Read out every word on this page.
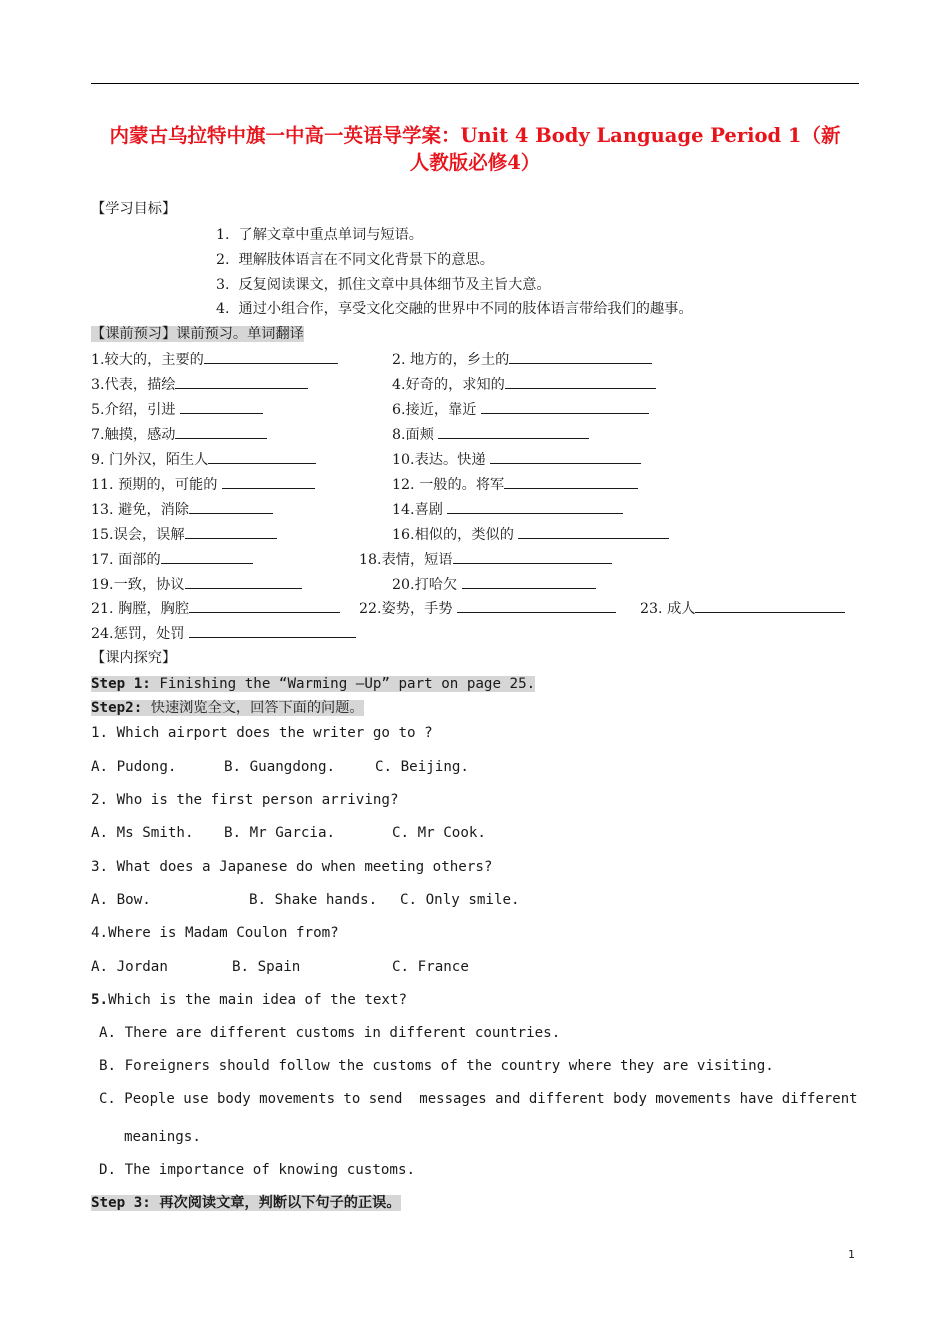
内蒙古乌拉特中旗一中高一英语导学案：Unit 4 Body Language Period 1（新
人教版必修4）
【学习目标】
1.  了解文章中重点单词与短语。
2.  理解肢体语言在不同文化背景下的意思。
3.  反复阅读课文，抓住文章中具体细节及主旨大意。
4.  通过小组合作，享受文化交融的世界中不同的肢体语言带给我们的趣事。
【课前预习】课前预习。单词翻译
1.较大的，主要的	2. 地方的，乡土的
3.代表，描绘	4.好奇的，求知的
5.介绍，引进	6.接近，靠近
7.触摸，感动	8.面颊
9. 门外汉，陌生人	10.表达。快递
11. 预期的，可能的	12. 一般的。将军
13. 避免，消除	14.喜剧
15.误会，误解	16.相似的，类似的
17. 面部的	18.表情，短语
19.一致，协议	20.打哈欠
21. 胸膛，胸腔	22.姿势，手势	23. 成人
24.惩罚，处罚
【课内探究】
Step 1: Finishing the “Warming –Up” part on page 25.
Step2: 快速浏览全文，回答下面的问题。
1. Which airport does the writer go to ?
A. Pudong.	B. Guangdong.	C. Beijing.
2. Who is the first person arriving?
A. Ms Smith. B. Mr Garcia.	C. Mr Cook.
3. What does a Japanese do when meeting others?
A. Bow.	B. Shake hands. C. Only smile.
4.Where is Madam Coulon from?
A. Jordan	B. Spain	C. France
5.Which is the main idea of the text?
A. There are different customs in different countries.
B. Foreigners should follow the customs of the country where they are visiting.
C. People use body movements to send  messages and different body movements have different
meanings.
D. The importance of knowing customs.
Step 3: 再次阅读文章，判断以下句子的正误。
1
